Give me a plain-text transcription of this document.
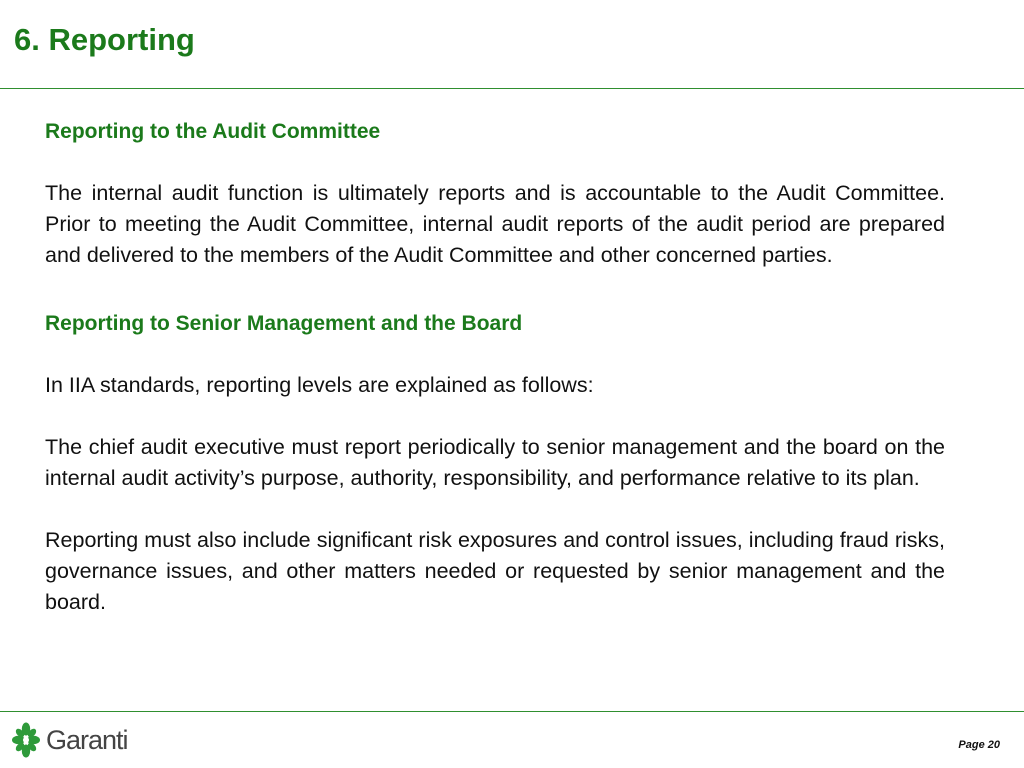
6. Reporting
Reporting to the Audit Committee

The internal audit function is ultimately reports and is accountable to the Audit Committee. Prior to meeting the Audit Committee, internal audit reports of the audit period are prepared and delivered to the members of the Audit Committee and other concerned parties.

Reporting to Senior Management and the Board

In IIA standards, reporting levels are explained as follows:

The chief audit executive must report periodically to senior management and the board on the internal audit activity’s purpose, authority, responsibility, and performance relative to its plan.

Reporting must also include significant risk exposures and control issues, including fraud risks, governance issues, and other matters needed or requested by senior management and the board.

Garanti	Page 20
